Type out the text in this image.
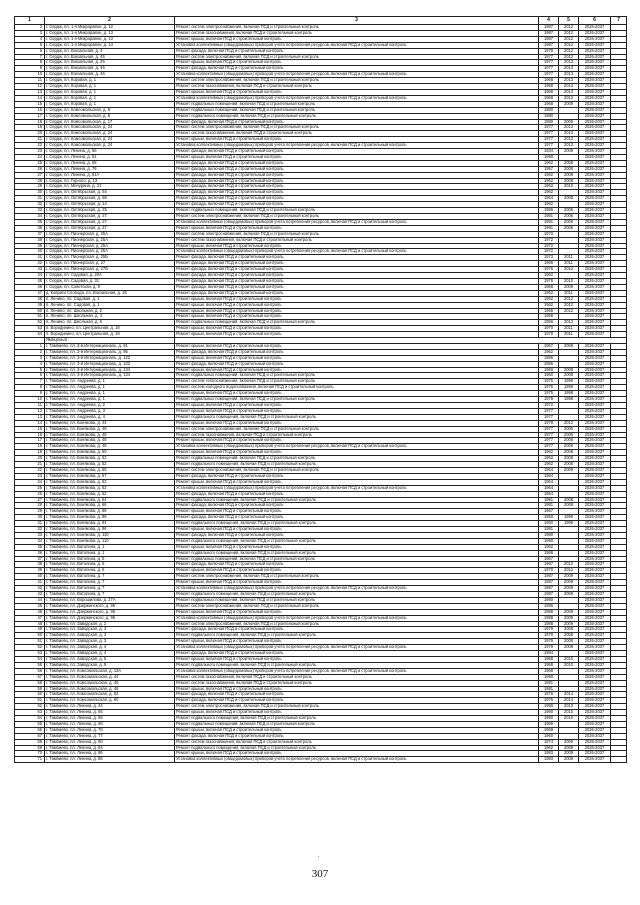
1	2	3	4	5	6	7
2	г. Сердж, пл. 1-я Микрорайон, д. 12	Ремонт систем электроснабжения, включая ПСД и строительный контроль	1987	2012	2026-2037	
3	г. Сердж, пл. 1-я Микрорайон, д. 13	Ремонт систем газоснабжения, включая ПСД и строительный контроль	1987	2012	2026-2037	
4	г. Сердж, пл. 1-я Микрорайон, д. 13	Ремонт крыши, включая ПСД и строительный контроль	1987	2012	2026-2037	
5	г. Сердж, пл. 1-я Микрорайон, д. 13	Установка коллективных (общедомовых) приборов учета потребления ресурсов, включая ПСД и строительный контроль	1987	2012	2026-2037	
6	г. Сердж, пл. Вокзальная, д. 4	Ремонт фасада, включая ПСД и строительный контроль	1979	2012	2026-2037	
7	г. Сердж, пл. Вокзальная, д. 45	Ремонт систем электроснабжения, включая ПСД и строительный контроль	1977	2012	2026-2037	
8	г. Сердж, пл. Вокзальная, д. 45	Ремонт крыши, включая ПСД и строительный контроль	1977	2013	2026-2037	
9	г. Сердж, пл. Вокзальная, д. 46	Ремонт фасада, включая ПСД и строительный контроль	1977	2013	2026-2037	
10	г. Сердж, пл. Вокзальная, д. 46	Установка коллективных (общедомовых) приборов учета потребления ресурсов, включая ПСД и строительный контроль	1977	2013	2026-2037	
11	г. Сердж, пл. Коровая, д. 1	Ремонт систем электроснабжения, включая ПСД и строительный контроль	1968	2013	2026-2037	
12	г. Сердж, пл. Коровая, д. 1	Ремонт систем газоснабжения, включая ПСД и строительный контроль	1968	2013	2026-2037	
13	г. Сердж, пл. Коровая, д. 1	Ремонт крыши, включая ПСД и строительный контроль	1968	2013	2026-2037	
14	г. Сердж, пл. Коровая, д. 1	Установка коллективных (общедомовых) приборов учета потребления ресурсов, включая ПСД и строительный контроль	1968	2013	2026-2037	
15	г. Сердж, пл. Коровая, д. 1	Ремонт подвальных помещений, включая ПСД и строительный контроль	1968	2009	2026-2037	
16	г. Сердж, пл. Комсомольская, д. 8	Ремонт подвальных помещений, включая ПСД и строительный контроль	1980		2026-2037	
17	г. Сердж, пл. Комсомольская, д. 8	Ремонт подвального помещения, включая ПСД и строительный контроль	1980		2026-2037	
18	г. Сердж, пл. Комсомольская, д. 17	Ремонт фасада, включая ПСД и строительный контроль	1980	2009	2026-2037	
19	г. Сердж, пл. Комсомольская, д. 24	Ремонт систем электроснабжения, включая ПСД и строительный контроль	1977	2013	2026-2037	
20	г. Сердж, пл. Комсомольская, д. 24	Ремонт систем газоснабжения, включая ПСД и строительный контроль	1977	2013	2026-2037	
21	г. Сердж, пл. Комсомольская, д. 24	Ремонт крыши, включая ПСД и строительный контроль	1977	2013	2026-2037	
22	г. Сердж, пл. Комсомольская, д. 24	Установка коллективных (общедомовых) приборов учета потребления ресурсов, включая ПСД и строительный контроль	1977	2013	2026-2037	
23	г. Сердж, пл. Ленина, д. 56	Ремонт фасада, включая ПСД и строительный контроль	1934	2009	2026-2037	
24	г. Сердж, пл. Ленина, д. 61	Ремонт крыши, включая ПСД и строительный контроль	1980		2026-2037	
25	г. Сердж, пл. Ленина, д. 68	Ремонт фасада, включая ПСД и строительный контроль	1962	2008	2026-2037	
26	г. Сердж, пл. Ленина, д. 76	Ремонт фасада, включая ПСД и строительный контроль	1957	2008	2026-2037	
27	г. Сердж, пл. Ленина, д. 91А	Ремонт фасада, включая ПСД и строительный контроль	1962	2008	2026-2037	
28	г. Сердж, пл. Горного, д. 13	Ремонт фасада, включая ПСД и строительный контроль	1962	2008	2026-2037	
29	г. Сердж, пл. Мичурина, д. 21	Ремонт фасада, включая ПСД и строительный контроль	1962	2010	2026-2037	
30	г. Сердж, пл. Октябрьская, д. 54	Ремонт фасада, включая ПСД и строительный контроль	1962		2026-2037	
31	г. Сердж, пл. Октябрьская, д. 55	Ремонт фасада, включая ПСД и строительный контроль	1964	2008	2026-2037	
32	г. Сердж, пл. Октябрьская, д. 14	Ремонт фасада, включая ПСД и строительный контроль	1962		2026-2037	
33	г. Сердж, пл. Октябрьская, д. 25	Ремонт подвальных помещений, включая ПСД и строительный контроль	1986	2006	2026-2037	
34	г. Сердж, пл. Октябрьская, д. 27	Ремонт систем электроснабжения, включая ПСД и строительный контроль	1991	2006	2026-2037	
35	г. Сердж, пл. Октябрьская, д. 27	Установка коллективных (общедомовых) приборов учета потребления ресурсов, включая ПСД и строительный контроль	1991	2006	2026-2037	
36	г. Сердж, пл. Октябрьская, д. 27	Ремонт крыши, включая ПСД и строительный контроль	1991	2006	2026-2037	
37	г. Сердж, пл. Пионерская, д. 25А	Ремонт систем электроснабжения, включая ПСД и строительный контроль	1972		2026-2037	
38	г. Сердж, пл. Пионерская, д. 25А	Ремонт систем газоснабжения, включая ПСД и строительный контроль	1972		2026-2037	
39	г. Сердж, пл. Пионерская, д. 25А	Ремонт крыши, включая ПСД и строительный контроль	1972		2026-2037	
40	г. Сердж, пл. Пионерская, д. 25А	Установка коллективных (общедомовых) приборов учета потребления ресурсов, включая ПСД и строительный контроль	1972		2026-2037	
41	г. Сердж, пл. Пионерская, д. 25Б	Ремонт фасада, включая ПСД и строительный контроль	1973	2011	2026-2037	
42	г. Сердж, пл. Пионерская, д. 27	Ремонт фасада, включая ПСД и строительный контроль	1965	2011	2026-2037	
43	г. Сердж, пл. Пионерская, д. 27Б	Ремонт фасада, включая ПСД и строительный контроль	1976	2012	2026-2037	
44	г. Сердж, пл. Садовая, д. 20А	Ремонт фасада, включая ПСД и строительный контроль	1962		2026-2037	
45	г. Сердж, пл. Садовая, д. 31	Ремонт фасада, включая ПСД и строительный контроль	1978	2010	2026-2037	
46	г. Сердж, пл. Советская, д. 9	Ремонт фасада, включая ПСД и строительный контроль	1968	2009	2026-2037	
47	д. Ковриги Слобода, пл. Вокзальная, д. 26	Ремонт фасада, включая ПСД и строительный контроль	1962	2011	2026-2037	
48	п. Ленино, пл. Садовая, д. 1	Ремонт крыши, включая ПСД и строительный контроль	1962	2012	2026-2037	
49	п. Ленино, пл. Садовая, д. 1	Ремонт крыши, включая ПСД и строительный контроль	1962	2012	2026-2037	
50	п. Ленино, пл. Школьная, д. 2	Ремонт крыши, включая ПСД и строительный контроль	1955	2012	2026-2037	
51	п. Ленино, пл. Школьная, д. 4	Ремонт крыши, включая ПСД и строительный контроль	1958		2026-2037	
52	п. Ленино, пл. Школьная, д. 6	Ремонт подвальных помещений, включая ПСД и строительный контроль	1956	2013	2026-2037	
53	п. Вородинино, пл. Центральная, д. 18	Ремонт крыши, включая ПСД и строительный контроль	1970	2011	2026-2037	
54	п. Вородинино, пл. Центральная, д. 19	Ремонт крыши, включая ПСД и строительный контроль	1978	2011	2026-2037	
	Ямбирный					
1	г. Тамбиево, пл. 3-й Интернациональ, д. 91	Ремонт крыши, включая ПСД и строительный контроль	1967	2009	2026-2037	
2	г. Тамбиево, пл. 3-й Интернациональ, д. 95	Ремонт фасада, включая ПСД и строительный контроль	1962		2026-2037	
3	г. Тамбиево, пл. 3-й Интернациональ, д. 122	Ремонт крыши, включая ПСД и строительный контроль	1986		2026-2037	
4	г. Тамбиево, пл. 3-й Интернациональ, д. 132	Ремонт фасада, включая ПСД и строительный контроль	1986		2026-2037	
5	г. Тамбиево, пл. 3-й Интернациональ, д. 134	Ремонт крыши, включая ПСД и строительный контроль	1960	2008	2026-2037	
6	г. Тамбиево, пл. 3-й Интернациональ, д. 134	Ремонт подвальных помещений, включая ПСД и строительный контроль	1960	2008	2026-2037	
7	г. Тамбиево, пл. Андреева, д. 1	Ремонт систем теплоснабжения, включая ПСД и строительный контроль	1975	1999	2026-2037	
8	г. Тамбиево, пл. Андреева, д. 1	Ремонт систем холодного водоснабжения, включая ПСД и строительный контроль	1975	1999	2026-2037	
9	г. Тамбиево, пл. Андреева, д. 1	Ремонт крыши, включая ПСД и строительный контроль	1975	1998	2026-2037	
10	г. Тамбиево, пл. Андреева, д. 1	Ремонт подвальных помещений, включая ПСД и строительный контроль	1975	1998	2026-2037	
11	г. Тамбиево, пл. Андреева, д. 2	Ремонт крыши, включая ПСД и строительный контроль	1972		2026-2037	
12	г. Тамбиево, пл. Андреева, д. 3	Ремонт крыши, включая ПСД и строительный контроль	1977		2026-2037	
13	г. Тамбиево, пл. Андреева, д. 4	Ремонт подвального помещения, включая ПСД и строительный контроль	1977		2026-2037	
14	г. Тамбиево, пл. Бонякова, д. 44	Ремонт крыши, включая ПСД и строительный контроль	1978	2012	2026-2037	
15	г. Тамбиево, пл. Бонякова, д. 48	Ремонт систем электроснабжения, включая ПСД и строительный контроль	1977	2006	2026-2037	
16	г. Тамбиево, пл. Бонякова, д. 48	Ремонт систем газоснабжения, включая ПСД и строительный контроль	1977	2006	2026-2037	
17	г. Тамбиево, пл. Бонякова, д. 48	Ремонт крыши, включая ПСД и строительный контроль	1977	2006	2026-2037	
18	г. Тамбиево, пл. Бонякова, д. 48	Установка коллективных (общедомовых) приборов учета потребления ресурсов, включая ПСД и строительный контроль	1977	2006	2026-2037	
19	г. Тамбиево, пл. Бонякова, д. 50	Ремонт крыши, включая ПСД и строительный контроль	1962	2008	2026-2037	
20	г. Тамбиево, пл. Бонякова, д. 52	Ремонт подвальных помещений, включая ПСД и строительный контроль	1962	2008	2026-2037	
21	г. Тамбиево, пл. Бонякова, д. 52	Ремонт подвального помещения, включая ПСД и строительный контроль	1962	2008	2026-2037	
22	г. Тамбиево, пл. Бонякова, д. 55	Ремонт систем электроснабжения, включая ПСД и строительный контроль	1964	2009	2026-2037	
23	г. Тамбиево, пл. Бонякова, д. 57	Ремонт фасада, включая ПСД и строительный контроль	1964		2026-2037	
24	г. Тамбиево, пл. Бонякова, д. 62	Ремонт крыши, включая ПСД и строительный контроль	1964		2026-2037	
25	г. Тамбиево, пл. Бонякова, д. 62	Установка коллективных (общедомовых) приборов учета потребления ресурсов, включая ПСД и строительный контроль	1964		2026-2037	
26	г. Тамбиево, пл. Бонякова, д. 62	Ремонт фасада, включая ПСД и строительный контроль	1964		2026-2037	
27	г. Тамбиево, пл. Бонякова, д. 64	Ремонт подвального помещения, включая ПСД и строительный контроль	1981	2008	2026-2037	
28	г. Тамбиево, пл. Бонякова, д. 66	Ремонт фасада, включая ПСД и строительный контроль	1981	2008	2026-2037	
29	г. Тамбиево, пл. Бонякова, д. 88	Ремонт крыши, включая ПСД и строительный контроль	1967		2026-2037	
30	г. Тамбиево, пл. Бонякова, д. 88	Ремонт фасада, включая ПСД и строительный контроль	1950	1999	2026-2037	
31	г. Тамбиево, пл. Бонякова, д. 94	Ремонт подвального помещения, включая ПСД и строительный контроль	1950	1999	2026-2037	
32	г. Тамбиево, пл. Бонякова, д. 96	Ремонт крыши, включая ПСД и строительный контроль	1981		2026-2037	
33	г. Тамбиево, пл. Бонякова, д. 110	Ремонт фасада, включая ПСД и строительный контроль	1980		2026-2037	
34	г. Тамбиево, пл. Бонякова, д. 110	Ремонт подвального помещения, включая ПСД и строительный контроль	1980		2026-2037	
35	г. Тамбиево, пл. Ватолина, д. 1	Ремонт крыши, включая ПСД и строительный контроль	1962		2026-2037	
36	г. Тамбиево, пл. Ватолина, д. 1	Ремонт подвального помещения, включая ПСД и строительный контроль	1988		2026-2037	
37	г. Тамбиево, пл. Ватолина, д. 5	Ремонт подвальных помещений, включая ПСД и строительный контроль	1967		2026-2037	
38	г. Тамбиево, пл. Ватолина, д. 5	Ремонт фасада, включая ПСД и строительный контроль	1967	2012	2026-2037	
39	г. Тамбиево, пл. Ватолина, д. 6	Ремонт крыши, включая ПСД и строительный контроль	1970	2012	2026-2037	
40	г. Тамбиево, пл. Ватолина, д. 7	Ремонт систем электроснабжения, включая ПСД и строительный контроль	1987	2009	2026-2037	
41	г. Тамбиево, пл. Ватолина, д. 7	Ремонт крыши, включая ПСД и строительный контроль	1987	2009	2026-2037	
42	г. Тамбиево, пл. Ватолина, д. 7	Установка коллективных (общедомовых) приборов учета потребления ресурсов, включая ПСД и строительный контроль	1987	2009	2026-2037	
43	г. Тамбиево, пл. Ватолина, д. 7	Ремонт подвального помещения, включая ПСД и строительный контроль	1987	2009	2026-2037	
44	г. Тамбиево, пл. Ворошилова, д. 27А	Ремонт подвальных помещений, включая ПСД и строительный контроль	1980		2026-2037	
45	г. Тамбиево, пл. Дзержинского, д. 95	Ремонт систем электроснабжения, включая ПСД и строительный контроль	1986		2026-2037	
46	г. Тамбиево, пл. Дзержинского, д. 95	Ремонт крыши, включая ПСД и строительный контроль	1988	2009	2026-2037	
47	г. Тамбиево, пл. Дзержинского, д. 95	Установка коллективных (общедомовых) приборов учета потребления ресурсов, включая ПСД и строительный контроль	1988	2009	2026-2037	
48	г. Тамбиево, пл. Заводская, д. 2	Ремонт систем электроснабжения, включая ПСД и строительный контроль	1988	2009	2026-2037	
49	г. Тамбиево, пл. Заводская, д. 3	Ремонт фасада, включая ПСД и строительный контроль	1979	2008	2026-2037	
50	г. Тамбиево, пл. Заводская, д. 3	Ремонт подвального помещения, включая ПСД и строительный контроль	1979	2008	2026-2037	
51	г. Тамбиево, пл. Заводская, д. 3	Ремонт крыши, включая ПСД и строительный контроль	1979	2008	2026-2037	
52	г. Тамбиево, пл. Заводская, д. 4	Установка коллективных (общедомовых) приборов учета потребления ресурсов, включая ПСД и строительный контроль	1979	2008	2026-2037	
53	г. Тамбиево, пл. Заводская, д. 4	Ремонт фасада, включая ПСД и строительный контроль	1984		2026-2037	
54	г. Тамбиево, пл. Заводская, д. 5	Ремонт крыши, включая ПСД и строительный контроль	1968	2010	2026-2037	
55	г. Тамбиево, пл. Заводская, д. 5	Ремонт подвального помещения, включая ПСД и строительный контроль	1968	2010	2026-2037	
56	г. Тамбиево, пл. Комсомольская, д. 13А	Установка коллективных (общедомовых) приборов учета потребления ресурсов, включая ПСД и строительный контроль	1969		2026-2037	
57	г. Тамбиево, пл. Комсомольская, д. 44	Ремонт систем газоснабжения, включая ПСД и строительный контроль	1980		2026-2037	
58	г. Тамбиево, пл. Комсомольская, д. 46	Ремонт систем газоснабжения, включая ПСД и строительный контроль	1981		2026-2037	
59	г. Тамбиево, пл. Комсомольская, д. 46	Ремонт крыши, включая ПСД и строительный контроль	1981		2026-2037	
60	г. Тамбиево, пл. Комсомольская, д. 52	Ремонт фасада, включая ПСД и строительный контроль	1976	2014	2026-2037	
61	г. Тамбиево, пл. Комсомольская, д. 60	Ремонт фасада, включая ПСД и строительный контроль	1976	2014	2026-2037	
62	г. Тамбиево, пл. Ленина, д. 44	Ремонт систем электроснабжения, включая ПСД и строительный контроль	1990	2010	2026-2037	
63	г. Тамбиево, пл. Ленина, д. 65	Ремонт крыши, включая ПСД и строительный контроль	1990	2010	2026-2037	
64	г. Тамбиево, пл. Ленина, д. 65	Ремонт подвального помещения, включая ПСД и строительный контроль	1990	2010	2026-2037	
65	г. Тамбиево, пл. Ленина, д. 65	Ремонт подвальных помещений, включая ПСД и строительный контроль	1969		2026-2037	
66	г. Тамбиево, пл. Ленина, д. 70	Ремонт крыши, включая ПСД и строительный контроль	1969		2026-2037	
67	г. Тамбиево, пл. Ленина, д. 77	Ремонт фасада, включая ПСД и строительный контроль	1960		2026-2037	
68	г. Тамбиево, пл. Ленина, д. 80	Ремонт систем газоснабжения, включая ПСД и строительный контроль	1974	2009	2026-2037	
69	г. Тамбиево, пл. Ленина, д. 84	Ремонт подвального помещения, включая ПСД и строительный контроль	1962	2009	2026-2037	
70	г. Тамбиево, пл. Ленина, д. 86	Ремонт крыши, включая ПСД и строительный контроль	1983	2009	2026-2037	
71	г. Тамбиево, пл. Ленина, д. 86	Установка коллективных (общедомовых) приборов учета потребления ресурсов, включая ПСД и строительный контроль	1983	2009	2026-2037	
’
307
